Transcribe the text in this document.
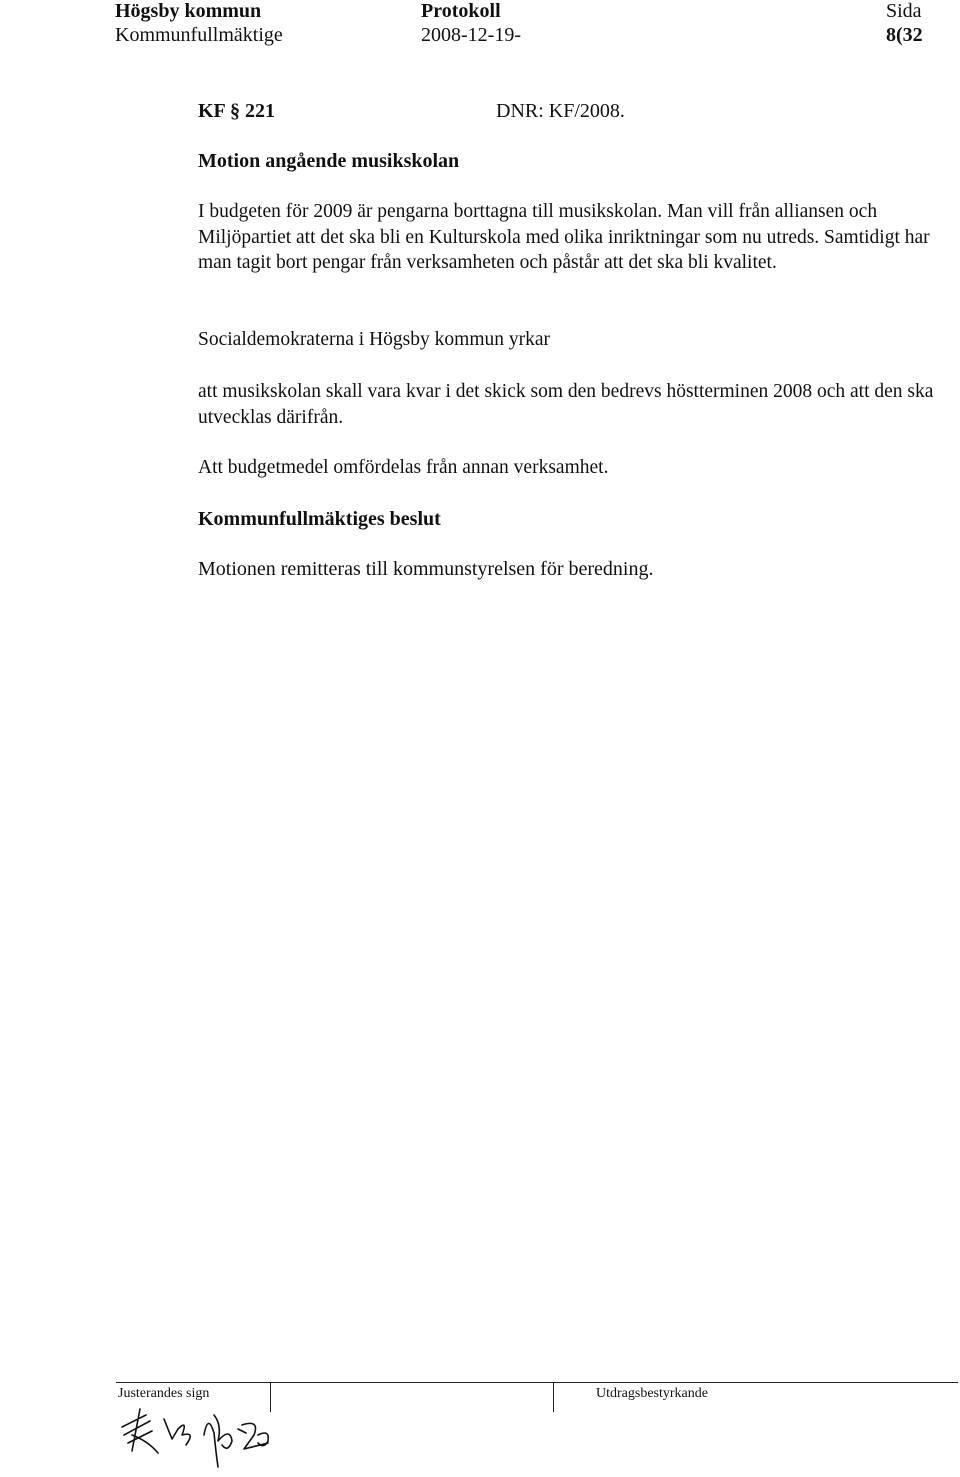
Högsby kommun
Kommunfullmäktige
Protokoll
2008-12-19-
Sida
8(32
KF § 221	DNR: KF/2008.
Motion angående musikskolan
I budgeten för 2009 är pengarna borttagna till musikskolan. Man vill från alliansen och Miljöpartiet att det ska bli en Kulturskola med olika inriktningar som nu utreds. Samtidigt har man tagit bort pengar från verksamheten och påstår att det ska bli kvalitet.
Socialdemokraterna i Högsby kommun yrkar
att musikskolan skall vara kvar i det skick som den bedrevs höstterminen 2008 och att den ska utvecklas därifrån.
Att budgetmedel omfördelas från annan verksamhet.
Kommunfullmäktiges beslut
Motionen remitteras till kommunstyrelsen för beredning.
Justerandes sign	Utdragsbestyrkande
